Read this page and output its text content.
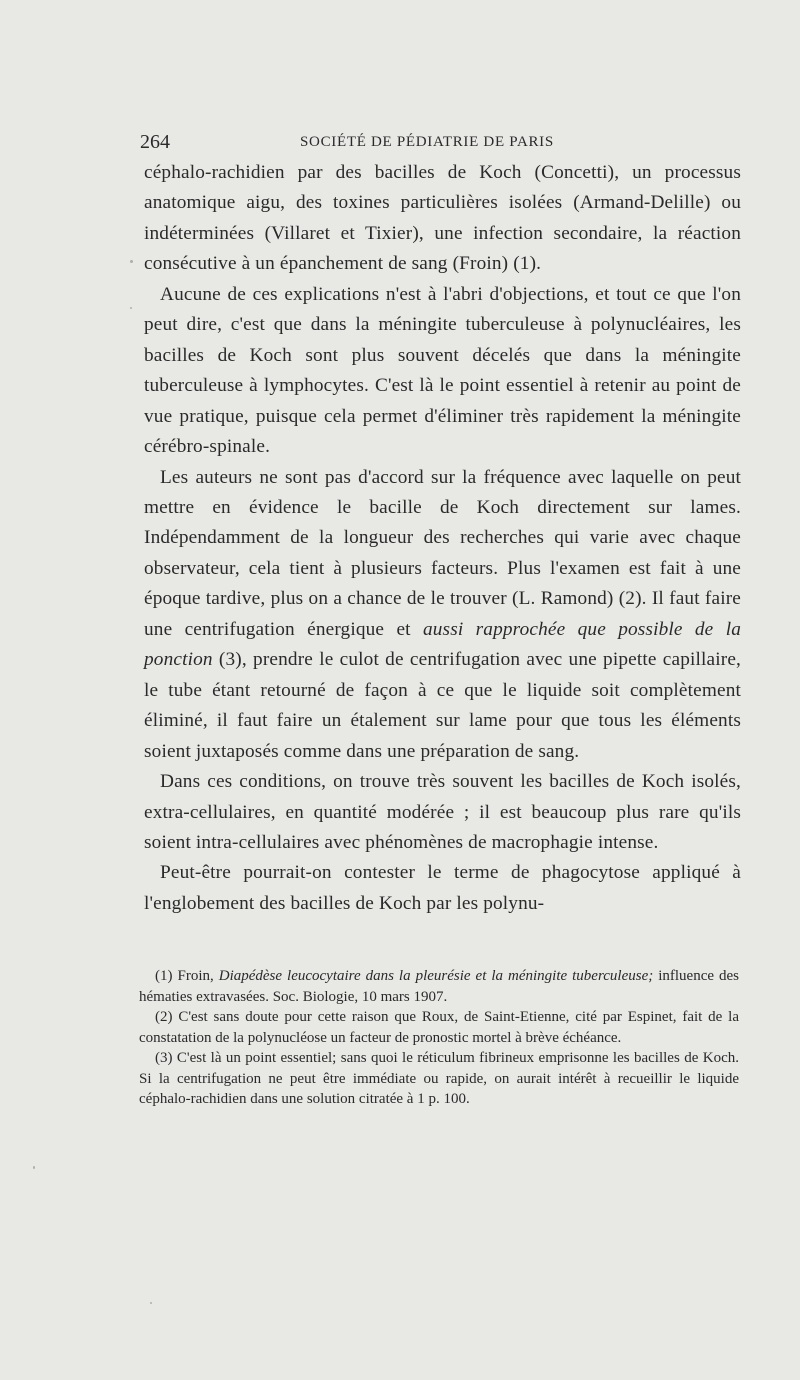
264	SOCIÉTÉ DE PÉDIATRIE DE PARIS

céphalo-rachidien par des bacilles de Koch (Concetti), un processus anatomique aigu, des toxines particulières isolées (Armand-Delille) ou indéterminées (Villaret et Tixier), une infection secondaire, la réaction consécutive à un épanchement de sang (Froin) (1).

Aucune de ces explications n'est à l'abri d'objections, et tout ce que l'on peut dire, c'est que dans la méningite tuberculeuse à polynucléaires, les bacilles de Koch sont plus souvent décelés que dans la méningite tuberculeuse à lymphocytes. C'est là le point essentiel à retenir au point de vue pratique, puisque cela permet d'éliminer très rapidement la méningite cérébro-spinale.

Les auteurs ne sont pas d'accord sur la fréquence avec laquelle on peut mettre en évidence le bacille de Koch directement sur lames. Indépendamment de la longueur des recherches qui varie avec chaque observateur, cela tient à plusieurs facteurs. Plus l'examen est fait à une époque tardive, plus on a chance de le trouver (L. Ramond) (2). Il faut faire une centrifugation énergique et aussi rapprochée que possible de la ponction (3), prendre le culot de centrifugation avec une pipette capillaire, le tube étant retourné de façon à ce que le liquide soit complètement éliminé, il faut faire un étalement sur lame pour que tous les éléments soient juxtaposés comme dans une préparation de sang.

Dans ces conditions, on trouve très souvent les bacilles de Koch isolés, extra-cellulaires, en quantité modérée ; il est beaucoup plus rare qu'ils soient intra-cellulaires avec phénomènes de macrophagie intense.

Peut-être pourrait-on contester le terme de phagocytose appliqué à l'englobement des bacilles de Koch par les polynu-

(1) Froin, Diapédèse leucocytaire dans la pleurésie et la méningite tuberculeuse; influence des hématies extravasées. Soc. Biologie, 10 mars 1907.

(2) C'est sans doute pour cette raison que Roux, de Saint-Etienne, cité par Espinet, fait de la constatation de la polynucléose un facteur de pronostic mortel à brève échéance.

(3) C'est là un point essentiel; sans quoi le réticulum fibrineux emprisonne les bacilles de Koch. Si la centrifugation ne peut être immédiate ou rapide, on aurait intérêt à recueillir le liquide céphalo-rachidien dans une solution citratée à 1 p. 100.
